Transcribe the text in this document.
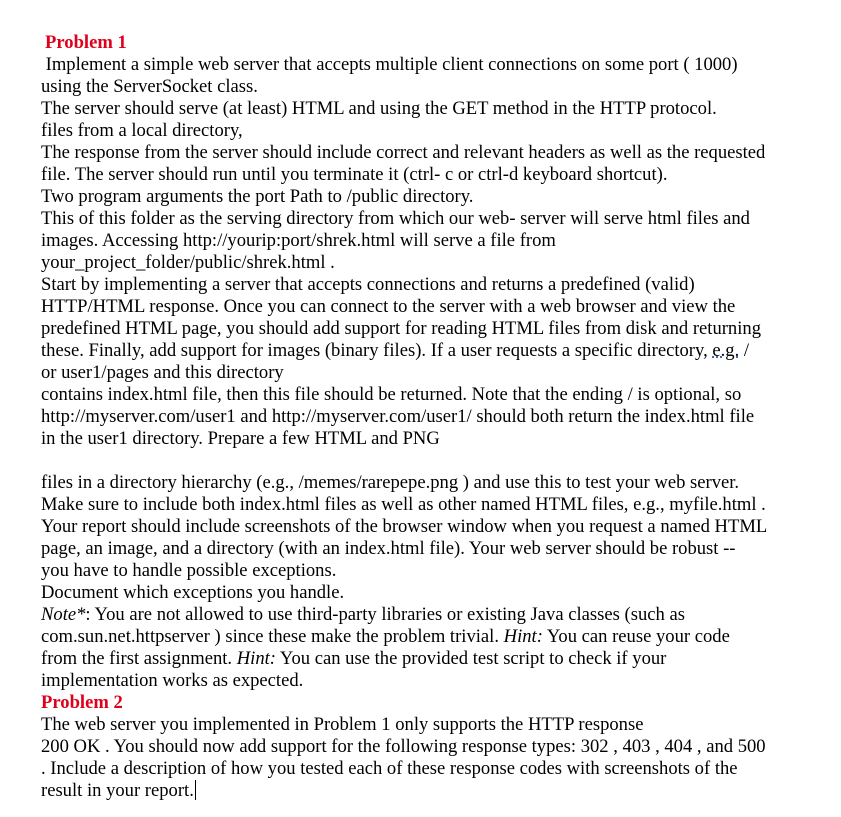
Problem 1
Implement a simple web server that accepts multiple client connections on some port ( 1000)
using the ServerSocket class.
The server should serve (at least) HTML and using the GET method in the HTTP protocol.
files from a local directory,
The response from the server should include correct and relevant headers as well as the requested
file. The server should run until you terminate it (ctrl- c or ctrl-d keyboard shortcut).
Two program arguments the port Path to /public directory.
This of this folder as the serving directory from which our web- server will serve html files and
images. Accessing http://yourip:port/shrek.html will serve a file from
your_project_folder/public/shrek.html .
Start by implementing a server that accepts connections and returns a predefined (valid)
HTTP/HTML response. Once you can connect to the server with a web browser and view the
predefined HTML page, you should add support for reading HTML files from disk and returning
these. Finally, add support for images (binary files). If a user requests a specific directory, e.g. /
or user1/pages and this directory
contains index.html file, then this file should be returned. Note that the ending / is optional, so
http://myserver.com/user1 and http://myserver.com/user1/ should both return the index.html file
in the user1 directory. Prepare a few HTML and PNG
files in a directory hierarchy (e.g., /memes/rarepepe.png ) and use this to test your web server.
Make sure to include both index.html files as well as other named HTML files, e.g., myfile.html .
Your report should include screenshots of the browser window when you request a named HTML
page, an image, and a directory (with an index.html file). Your web server should be robust --
you have to handle possible exceptions.
Document which exceptions you handle.
Note*: You are not allowed to use third-party libraries or existing Java classes (such as
com.sun.net.httpserver ) since these make the problem trivial. Hint: You can reuse your code
from the first assignment. Hint: You can use the provided test script to check if your
implementation works as expected.
Problem 2
The web server you implemented in Problem 1 only supports the HTTP response
200 OK . You should now add support for the following response types: 302 , 403 , 404 , and 500
. Include a description of how you tested each of these response codes with screenshots of the
result in your report.
